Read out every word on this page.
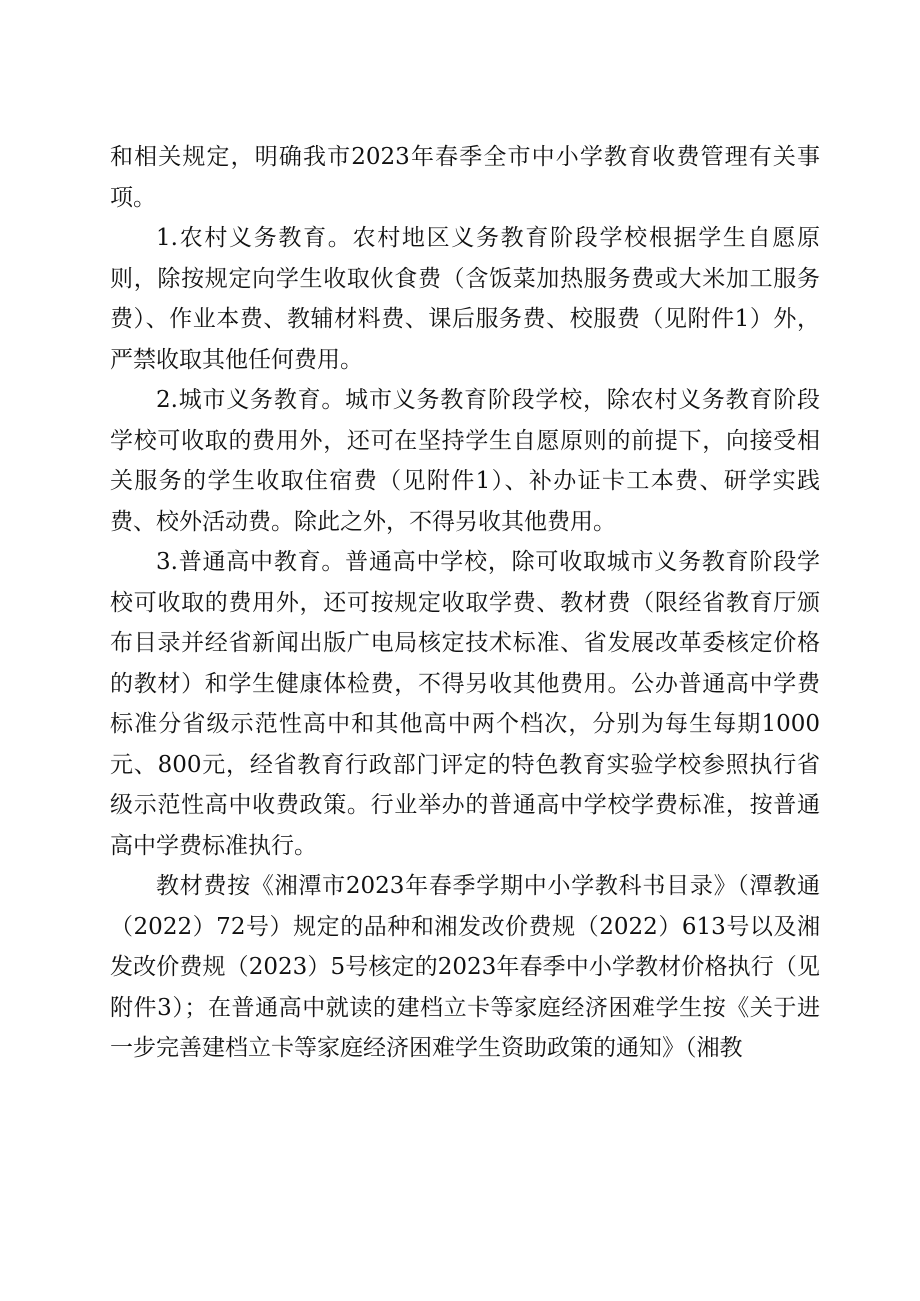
和相关规定，明确我市2023年春季全市中小学教育收费管理有关事项。

1.农村义务教育。农村地区义务教育阶段学校根据学生自愿原则，除按规定向学生收取伙食费（含饭菜加热服务费或大米加工服务费）、作业本费、教辅材料费、课后服务费、校服费（见附件1）外，严禁收取其他任何费用。

2.城市义务教育。城市义务教育阶段学校，除农村义务教育阶段学校可收取的费用外，还可在坚持学生自愿原则的前提下，向接受相关服务的学生收取住宿费（见附件1）、补办证卡工本费、研学实践费、校外活动费。除此之外，不得另收其他费用。

3.普通高中教育。普通高中学校，除可收取城市义务教育阶段学校可收取的费用外，还可按规定收取学费、教材费（限经省教育厅颁布目录并经省新闻出版广电局核定技术标准、省发展改革委核定价格的教材）和学生健康体检费，不得另收其他费用。公办普通高中学费标准分省级示范性高中和其他高中两个档次，分别为每生每期1000元、800元，经省教育行政部门评定的特色教育实验学校参照执行省级示范性高中收费政策。行业举办的普通高中学校学费标准，按普通高中学费标准执行。

教材费按《湘潭市2023年春季学期中小学教科书目录》（潭教通（2022）72号）规定的品种和湘发改价费规（2022）613号以及湘发改价费规（2023）5号核定的2023年春季中小学教材价格执行（见附件3）；在普通高中就读的建档立卡等家庭经济困难学生按《关于进一步完善建档立卡等家庭经济困难学生资助政策的通知》（湘教
